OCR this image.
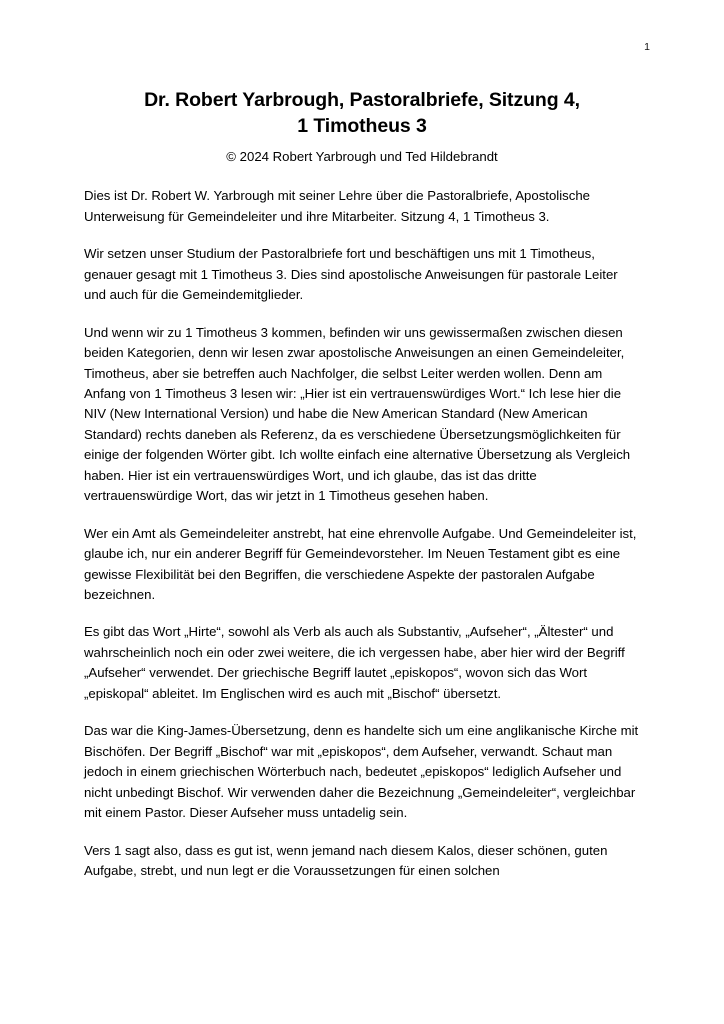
1
Dr. Robert Yarbrough, Pastoralbriefe, Sitzung 4,
1 Timotheus 3
© 2024 Robert Yarbrough und Ted Hildebrandt

Dies ist Dr. Robert W. Yarbrough mit seiner Lehre über die Pastoralbriefe, Apostolische Unterweisung für Gemeindeleiter und ihre Mitarbeiter. Sitzung 4, 1 Timotheus 3.

Wir setzen unser Studium der Pastoralbriefe fort und beschäftigen uns mit 1 Timotheus, genauer gesagt mit 1 Timotheus 3. Dies sind apostolische Anweisungen für pastorale Leiter und auch für die Gemeindemitglieder.

Und wenn wir zu 1 Timotheus 3 kommen, befinden wir uns gewissermaßen zwischen diesen beiden Kategorien, denn wir lesen zwar apostolische Anweisungen an einen Gemeindeleiter, Timotheus, aber sie betreffen auch Nachfolger, die selbst Leiter werden wollen. Denn am Anfang von 1 Timotheus 3 lesen wir: „Hier ist ein vertrauenswürdiges Wort.“ Ich lese hier die NIV (New International Version) und habe die New American Standard (New American Standard) rechts daneben als Referenz, da es verschiedene Übersetzungsmöglichkeiten für einige der folgenden Wörter gibt. Ich wollte einfach eine alternative Übersetzung als Vergleich haben. Hier ist ein vertrauenswürdiges Wort, und ich glaube, das ist das dritte vertrauenswürdige Wort, das wir jetzt in 1 Timotheus gesehen haben.

Wer ein Amt als Gemeindeleiter anstrebt, hat eine ehrenvolle Aufgabe. Und Gemeindeleiter ist, glaube ich, nur ein anderer Begriff für Gemeindevorsteher. Im Neuen Testament gibt es eine gewisse Flexibilität bei den Begriffen, die verschiedene Aspekte der pastoralen Aufgabe bezeichnen.

Es gibt das Wort „Hirte“, sowohl als Verb als auch als Substantiv, „Aufseher“, „Ältester“ und wahrscheinlich noch ein oder zwei weitere, die ich vergessen habe, aber hier wird der Begriff „Aufseher“ verwendet. Der griechische Begriff lautet „episkopos“, wovon sich das Wort „episkopal“ ableitet. Im Englischen wird es auch mit „Bischof“ übersetzt.

Das war die King-James-Übersetzung, denn es handelte sich um eine anglikanische Kirche mit Bischöfen. Der Begriff „Bischof“ war mit „episkopos“, dem Aufseher, verwandt. Schaut man jedoch in einem griechischen Wörterbuch nach, bedeutet „episkopos“ lediglich Aufseher und nicht unbedingt Bischof. Wir verwenden daher die Bezeichnung „Gemeindeleiter“, vergleichbar mit einem Pastor. Dieser Aufseher muss untadelig sein.

Vers 1 sagt also, dass es gut ist, wenn jemand nach diesem Kalos, dieser schönen, guten Aufgabe, strebt, und nun legt er die Voraussetzungen für einen solchen
